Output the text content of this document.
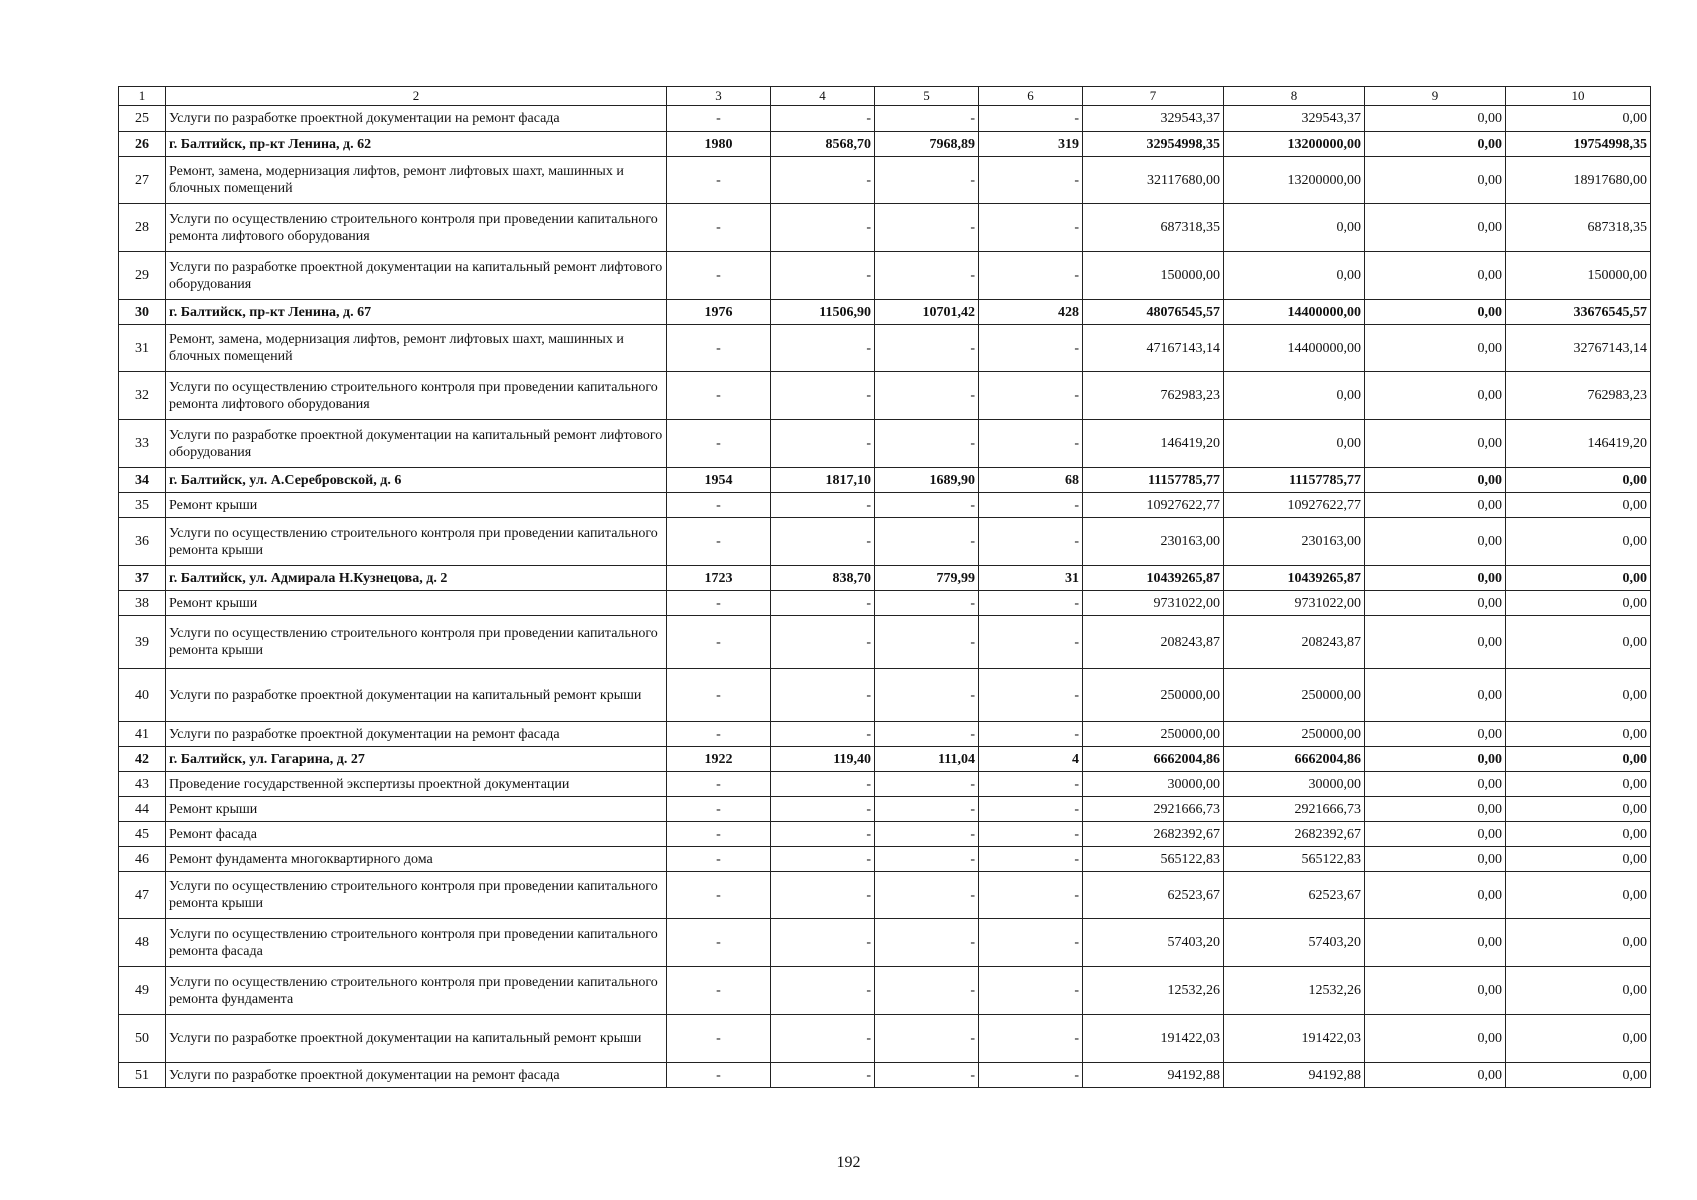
1	2	3	4	5	6	7	8	9	10
25	Услуги по разработке проектной документации на ремонт фасада	-	-	-	-	329543,37	329543,37	0,00	0,00
26	г. Балтийск, пр-кт Ленина, д. 62	1980	8568,70	7968,89	319	32954998,35	13200000,00	0,00	19754998,35
27	Ремонт, замена, модернизация лифтов, ремонт лифтовых шахт, машинных и блочных помещений	-	-	-	-	32117680,00	13200000,00	0,00	18917680,00
28	Услуги по осуществлению строительного контроля при проведении капитального ремонта лифтового оборудования	-	-	-	-	687318,35	0,00	0,00	687318,35
29	Услуги по разработке проектной документации на капитальный ремонт лифтового оборудования	-	-	-	-	150000,00	0,00	0,00	150000,00
30	г. Балтийск, пр-кт Ленина, д. 67	1976	11506,90	10701,42	428	48076545,57	14400000,00	0,00	33676545,57
31	Ремонт, замена, модернизация лифтов, ремонт лифтовых шахт, машинных и блочных помещений	-	-	-	-	47167143,14	14400000,00	0,00	32767143,14
32	Услуги по осуществлению строительного контроля при проведении капитального ремонта лифтового оборудования	-	-	-	-	762983,23	0,00	0,00	762983,23
33	Услуги по разработке проектной документации на капитальный ремонт лифтового оборудования	-	-	-	-	146419,20	0,00	0,00	146419,20
34	г. Балтийск, ул. А.Серебровской, д. 6	1954	1817,10	1689,90	68	11157785,77	11157785,77	0,00	0,00
35	Ремонт крыши	-	-	-	-	10927622,77	10927622,77	0,00	0,00
36	Услуги по осуществлению строительного контроля при проведении капитального ремонта крыши	-	-	-	-	230163,00	230163,00	0,00	0,00
37	г. Балтийск, ул. Адмирала Н.Кузнецова, д. 2	1723	838,70	779,99	31	10439265,87	10439265,87	0,00	0,00
38	Ремонт крыши	-	-	-	-	9731022,00	9731022,00	0,00	0,00
39	Услуги по осуществлению строительного контроля при проведении капитального ремонта крыши	-	-	-	-	208243,87	208243,87	0,00	0,00
40	Услуги по разработке проектной документации на капитальный ремонт крыши	-	-	-	-	250000,00	250000,00	0,00	0,00
41	Услуги по разработке проектной документации на ремонт фасада	-	-	-	-	250000,00	250000,00	0,00	0,00
42	г. Балтийск, ул. Гагарина, д. 27	1922	119,40	111,04	4	6662004,86	6662004,86	0,00	0,00
43	Проведение государственной экспертизы проектной документации	-	-	-	-	30000,00	30000,00	0,00	0,00
44	Ремонт крыши	-	-	-	-	2921666,73	2921666,73	0,00	0,00
45	Ремонт фасада	-	-	-	-	2682392,67	2682392,67	0,00	0,00
46	Ремонт фундамента многоквартирного дома	-	-	-	-	565122,83	565122,83	0,00	0,00
47	Услуги по осуществлению строительного контроля при проведении капитального ремонта крыши	-	-	-	-	62523,67	62523,67	0,00	0,00
48	Услуги по осуществлению строительного контроля при проведении капитального ремонта фасада	-	-	-	-	57403,20	57403,20	0,00	0,00
49	Услуги по осуществлению строительного контроля при проведении капитального ремонта фундамента	-	-	-	-	12532,26	12532,26	0,00	0,00
50	Услуги по разработке проектной документации на капитальный ремонт крыши	-	-	-	-	191422,03	191422,03	0,00	0,00
51	Услуги по разработке проектной документации на ремонт фасада	-	-	-	-	94192,88	94192,88	0,00	0,00
192
